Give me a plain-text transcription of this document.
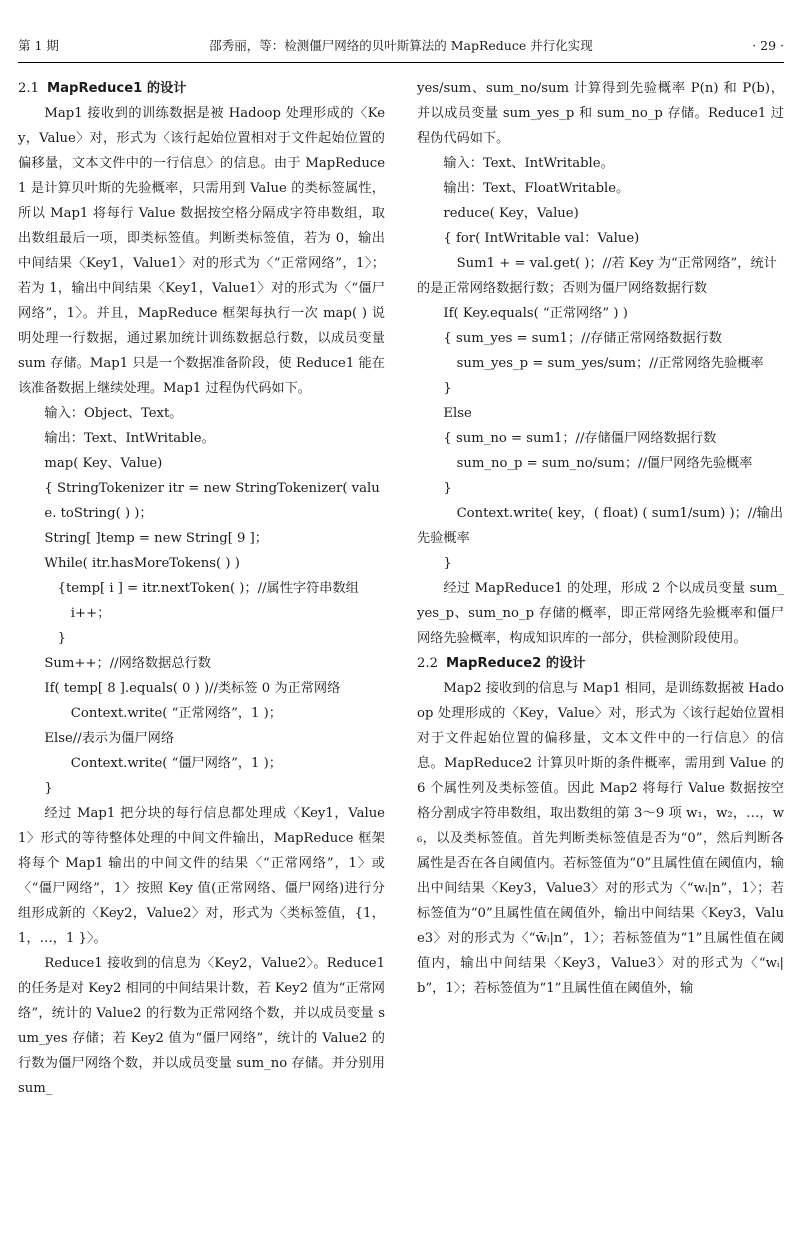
第 1 期	邵秀丽，等：检测僵尸网络的贝叶斯算法的 MapReduce 并行化实现	· 29 ·

2.1 MapReduce1 的设计

Map1 接收到的训练数据是被 Hadoop 处理形成的〈Key，Value〉对，形式为〈该行起始位置相对于文件起始位置的偏移量，文本文件中的一行信息〉的信息。由于 MapReduce1 是计算贝叶斯的先验概率，只需用到 Value 的类标签属性，所以 Map1 将每行 Value 数据按空格分隔成字符串数组，取出数组最后一项，即类标签值。判断类标签值，若为 0，输出中间结果〈Key1，Value1〉对的形式为〈“正常网络”，1〉；若为 1，输出中间结果〈Key1，Value1〉对的形式为〈“僵尸网络”，1〉。并且，MapReduce 框架每执行一次 map( ) 说明处理一行数据，通过累加统计训练数据总行数，以成员变量 sum 存储。Map1 只是一个数据准备阶段，使 Reduce1 能在该准备数据上继续处理。Map1 过程伪代码如下。

输入：Object、Text。

输出：Text、IntWritable。

map( Key、Value)

{ StringTokenizer itr = new StringTokenizer( value. toString( ) )；

String[ ]temp = new String[ 9 ]；

While( itr.hasMoreTokens( ) )

{temp[ i ] = itr.nextToken( )；//属性字符串数组

i++；

}

Sum++；//网络数据总行数

If( temp[ 8 ].equals( 0 ) )//类标签 0 为正常网络

Context.write( “正常网络”，1 )；

Else//表示为僵尸网络

Context.write( “僵尸网络”，1 )；

}

经过 Map1 把分块的每行信息都处理成〈Key1，Value1〉形式的等待整体处理的中间文件输出，MapReduce 框架将每个 Map1 输出的中间文件的结果〈“正常网络”，1〉或〈“僵尸网络”，1〉按照 Key 值(正常网络、僵尸网络)进行分组形成新的〈Key2，Value2〉对，形式为〈类标签值，{1，1，…，1 }〉。

Reduce1 接收到的信息为〈Key2，Value2〉。Reduce1 的任务是对 Key2 相同的中间结果计数，若 Key2 值为“正常网络”，统计的 Value2 的行数为正常网络个数，并以成员变量 sum_yes 存储；若 Key2 值为“僵尸网络”，统计的 Value2 的行数为僵尸网络个数，并以成员变量 sum_no 存储。并分别用 sum_

yes/sum、sum_no/sum 计算得到先验概率 P(n) 和 P(b)，并以成员变量 sum_yes_p 和 sum_no_p 存储。Reduce1 过程伪代码如下。

输入：Text、IntWritable。

输出：Text、FloatWritable。

reduce( Key，Value)

{ for( IntWritable val：Value)

Sum1 + = val.get( )；//若 Key 为“正常网络”，统计的是正常网络数据行数；否则为僵尸网络数据行数

If( Key.equals( “正常网络” ) )

{ sum_yes = sum1；//存储正常网络数据行数

sum_yes_p = sum_yes/sum；//正常网络先验概率

}

Else

{ sum_no = sum1；//存储僵尸网络数据行数

sum_no_p = sum_no/sum；//僵尸网络先验概率

}

Context.write( key，( float) ( sum1/sum) )；//输出先验概率

}

经过 MapReduce1 的处理，形成 2 个以成员变量 sum_yes_p、sum_no_p 存储的概率，即正常网络先验概率和僵尸网络先验概率，构成知识库的一部分，供检测阶段使用。

2.2 MapReduce2 的设计

Map2 接收到的信息与 Map1 相同，是训练数据被 Hadoop 处理形成的〈Key，Value〉对，形式为〈该行起始位置相对于文件起始位置的偏移量，文本文件中的一行信息〉的信息。MapReduce2 计算贝叶斯的条件概率，需用到 Value 的 6 个属性列及类标签值。因此 Map2 将每行 Value 数据按空格分割成字符串数组，取出数组的第 3～9 项 w₁，w₂，…，w₆，以及类标签值。首先判断类标签值是否为“0”，然后判断各属性是否在各自阈值内。若标签值为“0”且属性值在阈值内，输出中间结果〈Key3，Value3〉对的形式为〈“wᵢ|n”，1〉；若标签值为“0”且属性值在阈值外，输出中间结果〈Key3，Value3〉对的形式为〈“w̄ᵢ|n”，1〉；若标签值为“1”且属性值在阈值内，输出中间结果〈Key3，Value3〉对的形式为〈“wᵢ|b”，1〉；若标签值为“1”且属性值在阈值外，输
